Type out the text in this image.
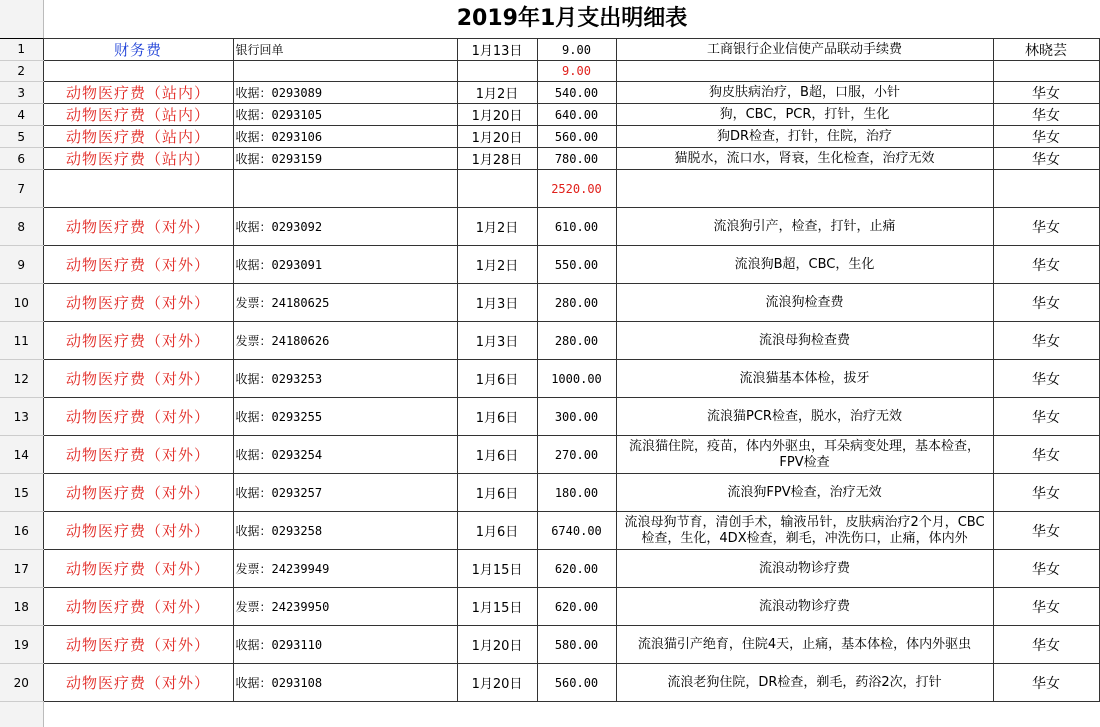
2019年1月支出明细表
1	财务费	银行回单	1月13日	9.00	工商银行企业信使产品联动手续费	林晓芸
2				9.00		
3	动物医疗费（站内）	收据：0293089	1月2日	540.00	狗皮肤病治疗，B超，口服，小针	华女
4	动物医疗费（站内）	收据：0293105	1月20日	640.00	狗，CBC，PCR，打针，生化	华女
5	动物医疗费（站内）	收据：0293106	1月20日	560.00	狗DR检查，打针，住院，治疗	华女
6	动物医疗费（站内）	收据：0293159	1月28日	780.00	猫脱水，流口水，肾衰，生化检查，治疗无效	华女
7				2520.00		
8	动物医疗费（对外）	收据：0293092	1月2日	610.00	流浪狗引产，检查，打针，止痛	华女
9	动物医疗费（对外）	收据：0293091	1月2日	550.00	流浪狗B超，CBC，生化	华女
10	动物医疗费（对外）	发票：24180625	1月3日	280.00	流浪狗检查费	华女
11	动物医疗费（对外）	发票：24180626	1月3日	280.00	流浪母狗检查费	华女
12	动物医疗费（对外）	收据：0293253	1月6日	1000.00	流浪猫基本体检，拔牙	华女
13	动物医疗费（对外）	收据：0293255	1月6日	300.00	流浪猫PCR检查，脱水，治疗无效	华女
14	动物医疗费（对外）	收据：0293254	1月6日	270.00	流浪猫住院，疫苗，体内外驱虫，耳朵病变处理，基本检查，FPV检查	华女
15	动物医疗费（对外）	收据：0293257	1月6日	180.00	流浪狗FPV检查，治疗无效	华女
16	动物医疗费（对外）	收据：0293258	1月6日	6740.00	流浪母狗节育，清创手术，输液吊针，皮肤病治疗2个月，CBC检查，生化，4DX检查，剃毛，冲洗伤口，止痛，体内外	华女
17	动物医疗费（对外）	发票：24239949	1月15日	620.00	流浪动物诊疗费	华女
18	动物医疗费（对外）	发票：24239950	1月15日	620.00	流浪动物诊疗费	华女
19	动物医疗费（对外）	收据：0293110	1月20日	580.00	流浪猫引产绝育，住院4天，止痛，基本体检，体内外驱虫	华女
20	动物医疗费（对外）	收据：0293108	1月20日	560.00	流浪老狗住院，DR检查，剃毛，药浴2次，打针	华女
